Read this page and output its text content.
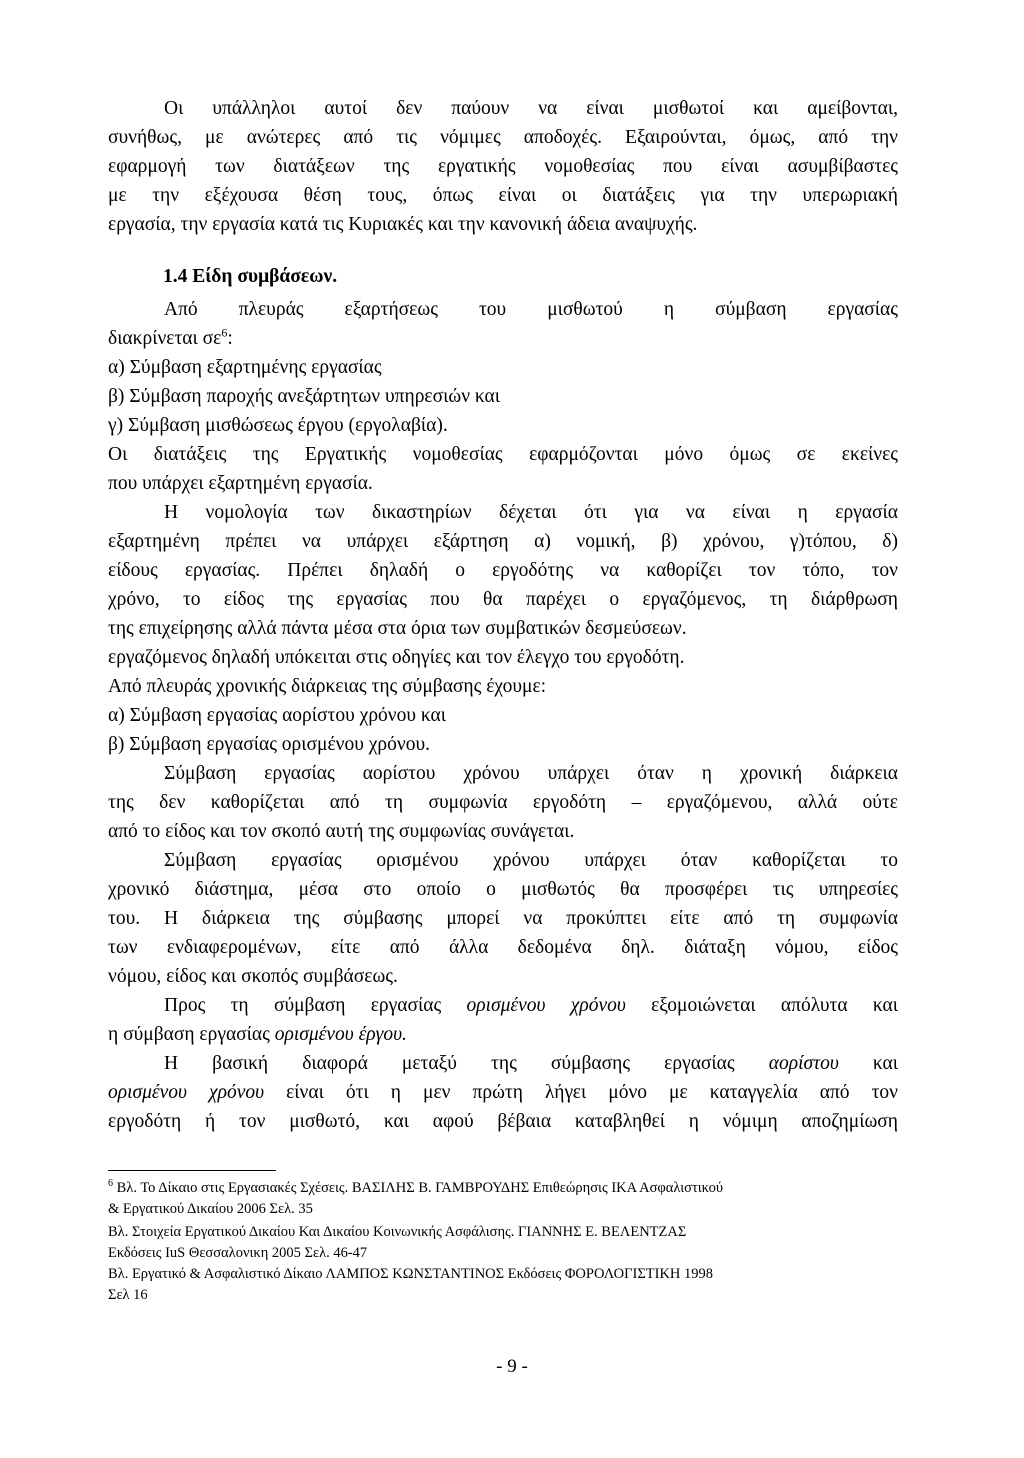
Οι υπάλληλοι αυτοί δεν παύουν να είναι μισθωτοί και αμείβονται,
συνήθως, με ανώτερες από τις νόμιμες αποδοχές. Εξαιρούνται, όμως, από την
εφαρμογή των διατάξεων της εργατικής νομοθεσίας που είναι ασυμβίβαστες
με την εξέχουσα θέση τους, όπως είναι οι διατάξεις για την υπερωριακή
εργασία, την εργασία κατά τις Κυριακές και την κανονική άδεια αναψυχής.
1.4 Είδη συμβάσεων.
Από πλευράς εξαρτήσεως του μισθωτού η σύμβαση εργασίας
διακρίνεται $\sigma\varepsilon^6$:
α) Σύμβαση εξαρτημένης εργασίας
β) Σύμβαση παροχής ανεξάρτητων υπηρεσιών και
γ) Σύμβαση μισθώσεως έργου (εργολαβία).
Οι διατάξεις της Εργατικής νομοθεσίας εφαρμόζονται μόνο όμως σε εκείνες
που υπάρχει εξαρτημένη εργασία.
Η νομολογία των δικαστηρίων δέχεται ότι για να είναι η εργασία
εξαρτημένη πρέπει να υπάρχει εξάρτηση α) νομική, β) χρόνου, γ)τόπου, δ)
είδους εργασίας. Πρέπει δηλαδή ο εργοδότης να καθορίζει τον τόπο, τον
χρόνο, το είδος της εργασίας που θα παρέχει ο εργαζόμενος, τη διάρθρωση
της επιχείρησης αλλά πάντα μέσα στα όρια των συμβατικών δεσμεύσεων.
εργαζόμενος δηλαδή υπόκειται στις οδηγίες και τον έλεγχο του εργοδότη.
Από πλευράς χρονικής διάρκειας της σύμβασης έχουμε:
α) Σύμβαση εργασίας αορίστου χρόνου και
β) Σύμβαση εργασίας ορισμένου χρόνου.
Σύμβαση εργασίας αορίστου χρόνου υπάρχει όταν η χρονική διάρκεια
της δεν καθορίζεται από τη συμφωνία εργοδότη – εργαζόμενου, αλλά ούτε
από το είδος και τον σκοπό αυτή της συμφωνίας συνάγεται.
Σύμβαση εργασίας ορισμένου χρόνου υπάρχει όταν καθορίζεται το
χρονικό διάστημα, μέσα στο οποίο ο μισθωτός θα προσφέρει τις υπηρεσίες
του. Η διάρκεια της σύμβασης μπορεί να προκύπτει είτε από τη συμφωνία
των ενδιαφερομένων, είτε από άλλα δεδομένα δηλ. διάταξη νόμου, είδος
νόμου, είδος και σκοπός συμβάσεως.
Προς τη σύμβαση εργασίας ορισμένου χρόνου εξομοιώνεται απόλυτα και
η σύμβαση εργασίας ορισμένου έργου.
Η βασική διαφορά μεταξύ της σύμβασης εργασίας αορίστου και
ορισμένου χρόνου είναι ότι η μεν πρώτη λήγει μόνο με καταγγελία από τον
εργοδότη ή τον μισθωτό, και αφού βέβαια καταβληθεί η νόμιμη αποζημίωση
$^6$ Βλ. Το Δίκαιο στις Εργασιακές Σχέσεις. ΒΑΣΙΛΗΣ Β. ΓΑΜΒΡΟΥΔΗΣ Επιθεώρησις ΙΚΑ Ασφαλιστικού
& Εργατικού Δικαίου 2006 Σελ. 35
Βλ. Στοιχεία Εργατικού Δικαίου Και Δικαίου Κοινωνικής Ασφάλισης. ΓΙΑΝΝΗΣ Ε. ΒΕΛΕΝΤΖΑΣ
Εκδόσεις IuS Θεσσαλονικη 2005 Σελ. 46-47
Βλ. Εργατικό & Ασφαλιστικό Δίκαιο ΛΑΜΠΟΣ ΚΩΝΣΤΑΝΤΙΝΟΣ Εκδόσεις ΦΟΡΟΛΟΓΙΣΤΙΚΗ 1998
Σελ 16
- 9 -
